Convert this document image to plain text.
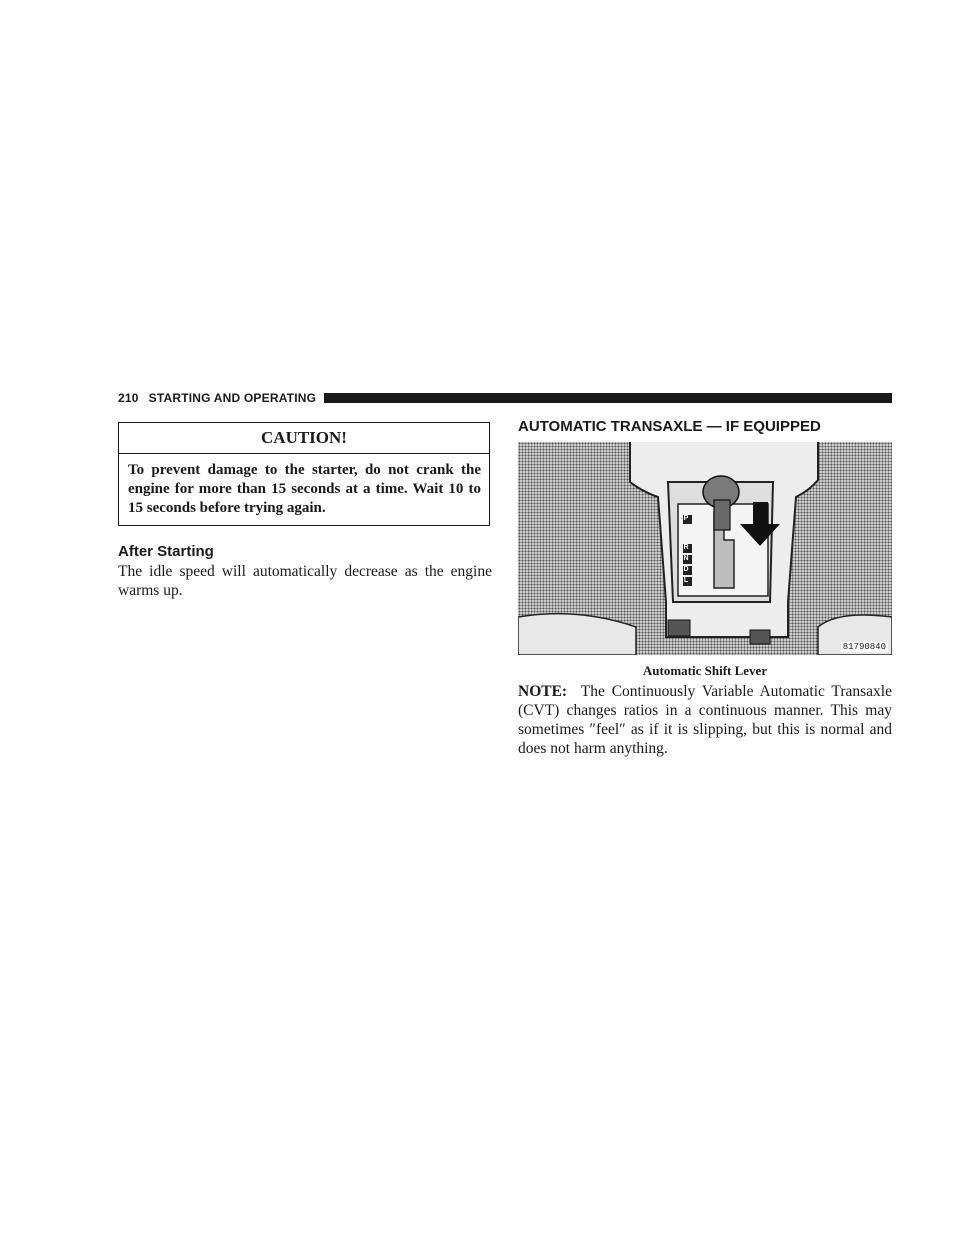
210 STARTING AND OPERATING
CAUTION!
To prevent damage to the starter, do not crank the engine for more than 15 seconds at a time. Wait 10 to 15 seconds before trying again.
After Starting
The idle speed will automatically decrease as the engine warms up.
AUTOMATIC TRANSAXLE — IF EQUIPPED
P
R
N
D
L
81790840
Automatic Shift Lever
NOTE: The Continuously Variable Automatic Transaxle (CVT) changes ratios in a continuous manner. This may sometimes ″feel″ as if it is slipping, but this is normal and does not harm anything.
